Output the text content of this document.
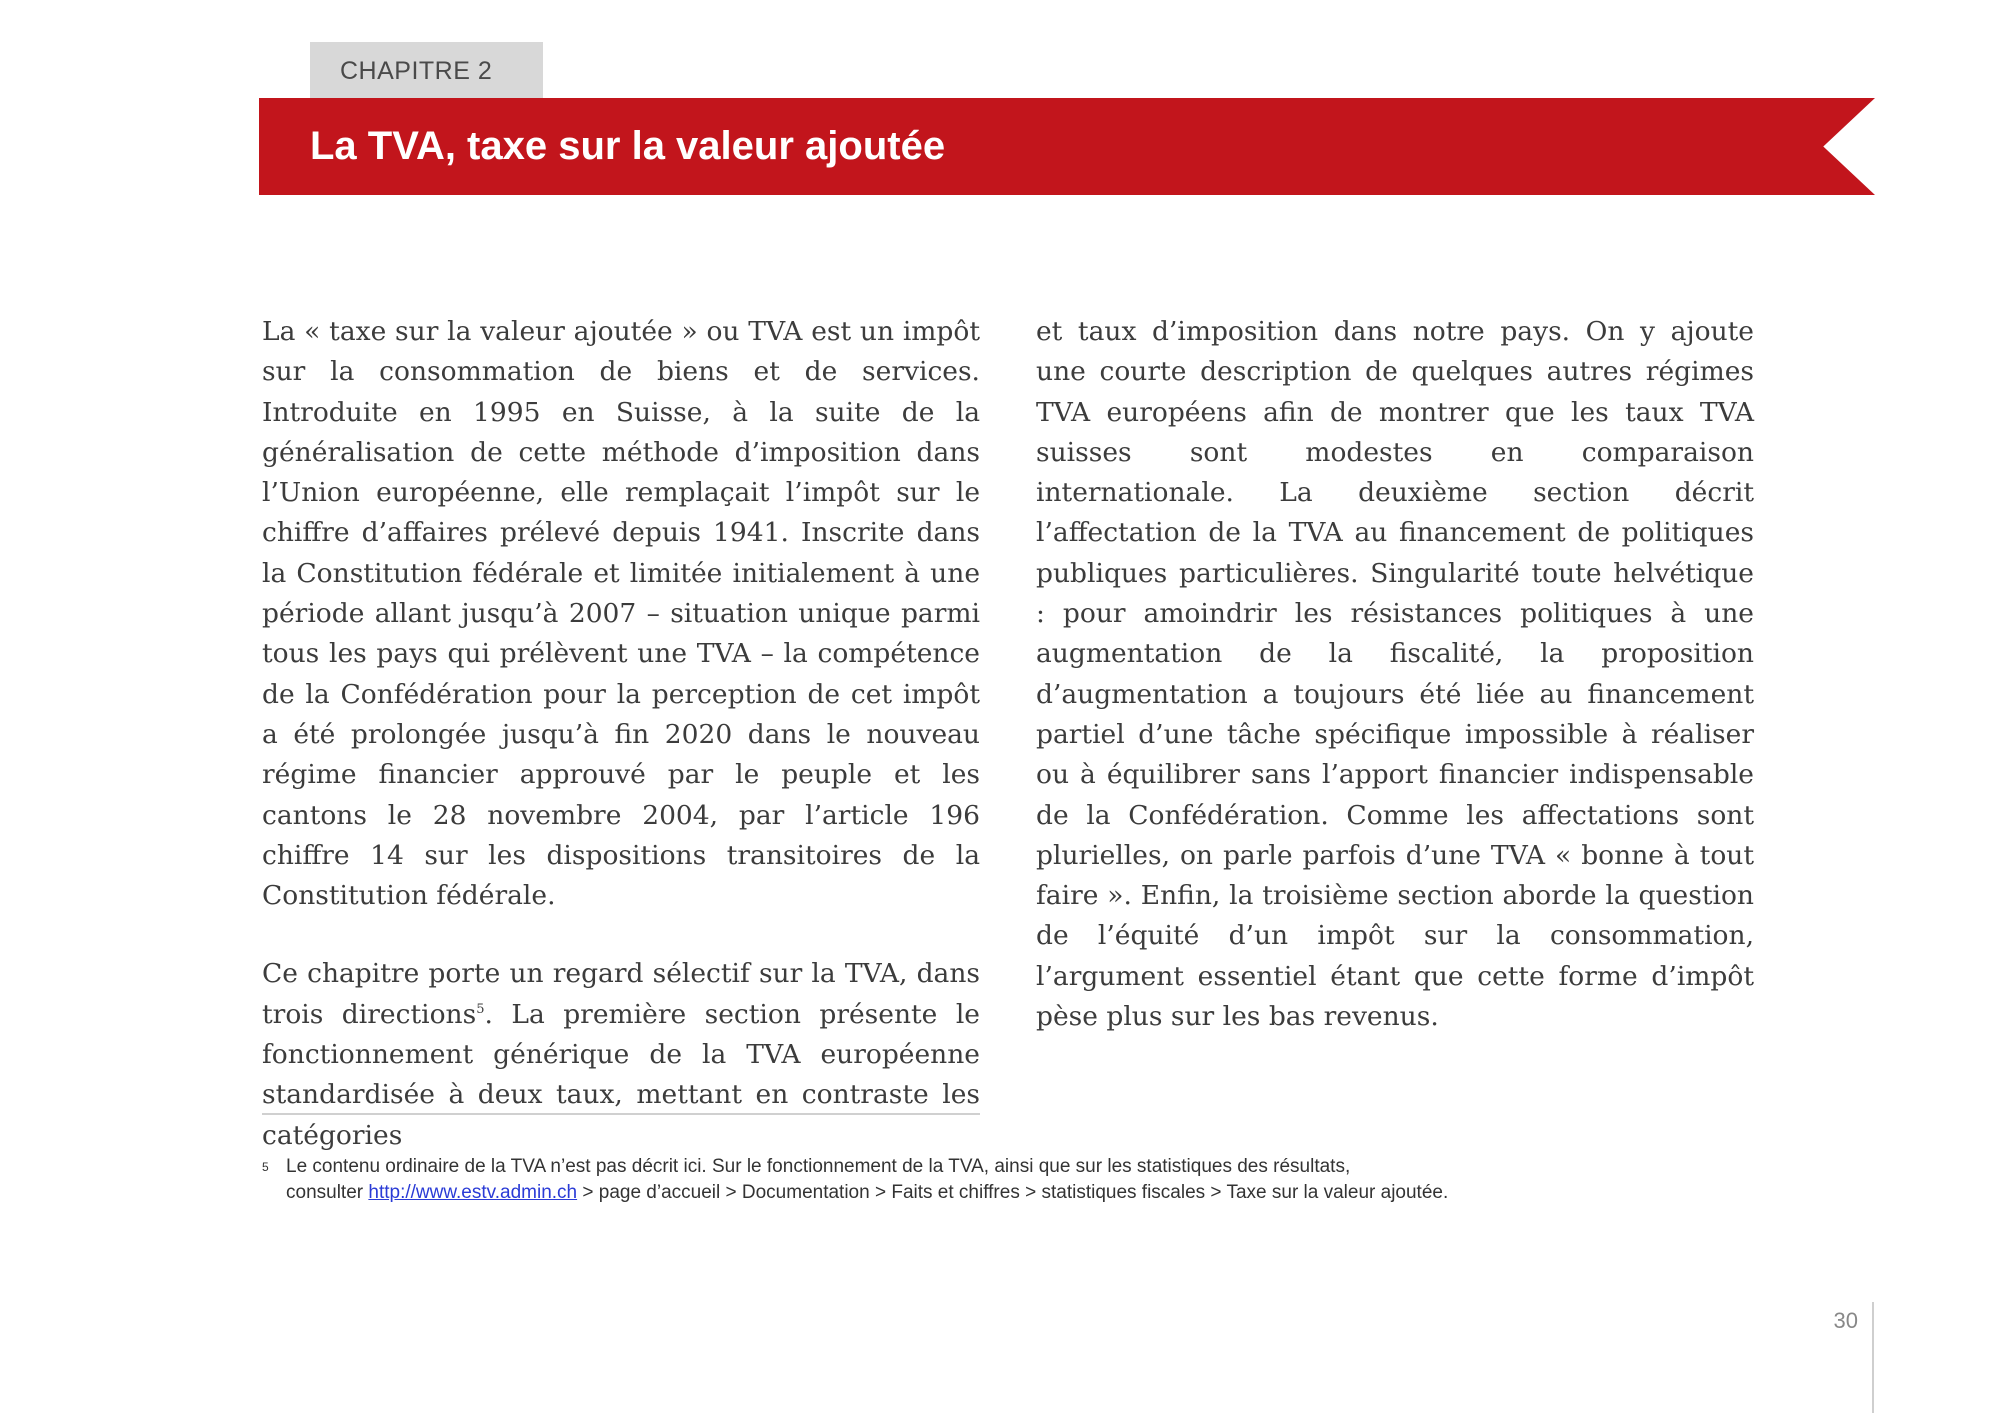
CHAPITRE 2
La TVA, taxe sur la valeur ajoutée

La « taxe sur la valeur ajoutée » ou TVA est un impôt sur la consommation de biens et de services. Introduite en 1995 en Suisse, à la suite de la généralisation de cette méthode d’imposition dans l’Union européenne, elle remplaçait l’impôt sur le chiffre d’affaires prélevé depuis 1941. Inscrite dans la Constitution fédérale et limitée initialement à une période allant jusqu’à 2007 – situation unique parmi tous les pays qui prélèvent une TVA – la compétence de la Confédération pour la perception de cet impôt a été prolongée jusqu’à fin 2020 dans le nouveau régime financier approuvé par le peuple et les cantons le 28 novembre 2004, par l’article 196 chiffre 14 sur les dispositions transitoires de la Constitution fédérale.

Ce chapitre porte un regard sélectif sur la TVA, dans trois directions$^5$. La première section présente le fonctionnement générique de la TVA européenne standardisée à deux taux, mettant en contraste les catégories

et taux d’imposition dans notre pays. On y ajoute une courte description de quelques autres régimes TVA européens afin de montrer que les taux TVA suisses sont modestes en comparaison internationale. La deuxième section décrit l’affectation de la TVA au financement de politiques publiques particulières. Singularité toute helvétique : pour amoindrir les résistances politiques à une augmentation de la fiscalité, la proposition d’augmentation a toujours été liée au financement partiel d’une tâche spécifique impossible à réaliser ou à équilibrer sans l’apport financier indispensable de la Confédération. Comme les affectations sont plurielles, on parle parfois d’une TVA « bonne à tout faire ». Enfin, la troisième section aborde la question de l’équité d’un impôt sur la consommation, l’argument essentiel étant que cette forme d’impôt pèse plus sur les bas revenus.

5 Le contenu ordinaire de la TVA n’est pas décrit ici. Sur le fonctionnement de la TVA, ainsi que sur les statistiques des résultats,
consulter http://www.estv.admin.ch > page d’accueil > Documentation > Faits et chiffres > statistiques fiscales > Taxe sur la valeur ajoutée.
30
